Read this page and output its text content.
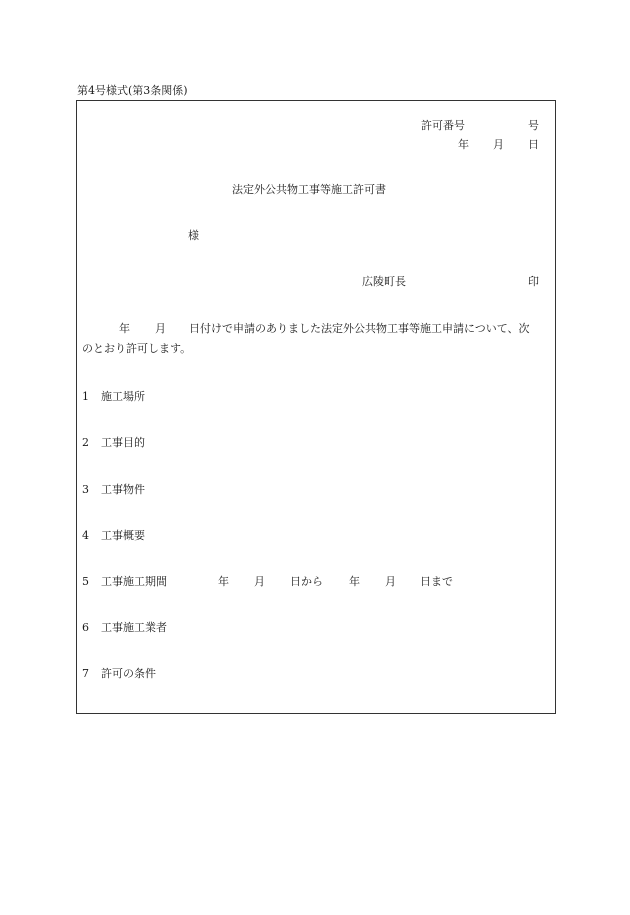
第4号様式(第3条関係)
許可番号	号
年 月 日
法定外公共物工事等施工許可書
様
広陵町長	印
年 月 日付けで申請のありました法定外公共物工事等施工申請について、次
のとおり許可します。
1 施工場所
2 工事目的
3 工事物件
4 工事概要
5 工事施工期間	年 月 日から 年 月 日まで
6 工事施工業者
7 許可の条件
